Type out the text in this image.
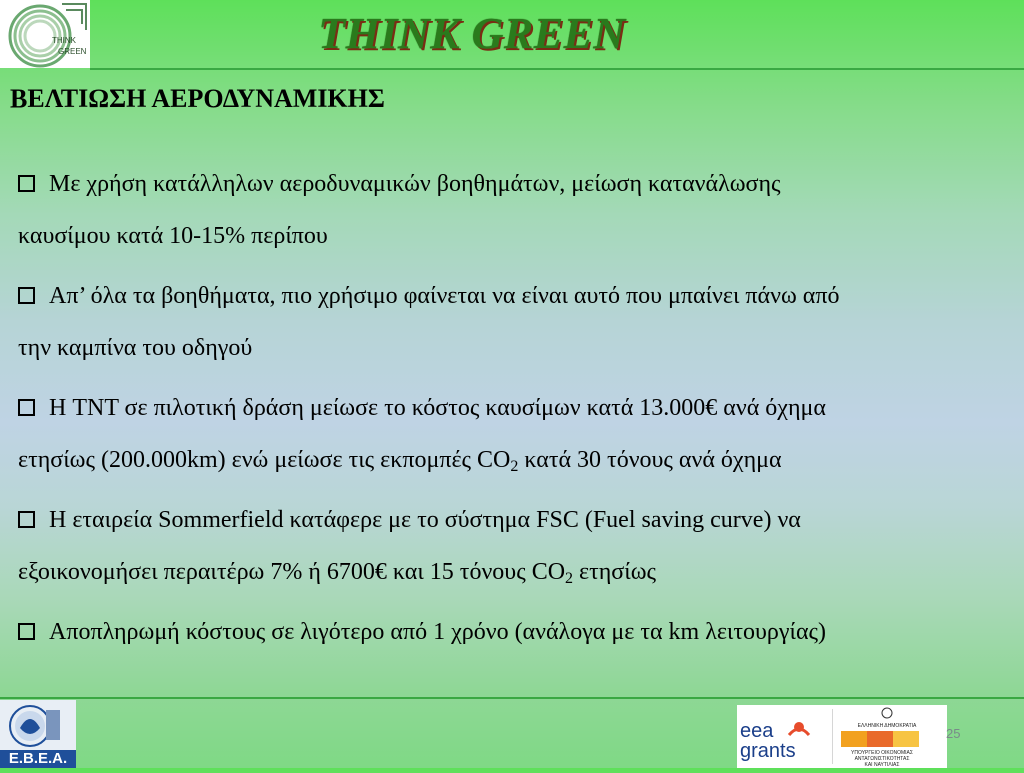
THINK
GREEN	THINK GREEN
ΒΕΛΤΙΩΣΗ ΑΕΡΟΔΥΝΑΜΙΚΗΣ
Με χρήση κατάλληλων αεροδυναμικών βοηθημάτων, μείωση κατανάλωσης
καυσίμου κατά 10-15% περίπου
Απ’ όλα τα βοηθήματα, πιο χρήσιμο φαίνεται να είναι αυτό που μπαίνει πάνω από
την καμπίνα του οδηγού
Η TNT σε πιλοτική δράση μείωσε το κόστος καυσίμων κατά 13.000€ ανά όχημα
ετησίως (200.000km) ενώ μείωσε τις εκπομπές $CO_2$ κατά 30 τόνους ανά όχημα
Η εταιρεία Sommerfield κατάφερε με το σύστημα FSC (Fuel saving curve) να
εξοικονομήσει περαιτέρω 7% ή 6700€ και 15 τόνους $CO_2$ ετησίως
Αποπληρωμή κόστους σε λιγότερο από 1 χρόνο (ανάλογα με τα km λειτουργίας)
E.B.E.A.
eea
grants
ΕΛΛΗΝΙΚΗ ΔΗΜΟΚΡΑΤΙΑ
ΥΠΟΥΡΓΕΙΟ ΟΙΚΟΝΟΜΙΑΣ
ΑΝΤΑΓΩΝΙΣΤΙΚΟΤΗΤΑΣ
ΚΑΙ ΝΑΥΤΙΛΙΑΣ
25
